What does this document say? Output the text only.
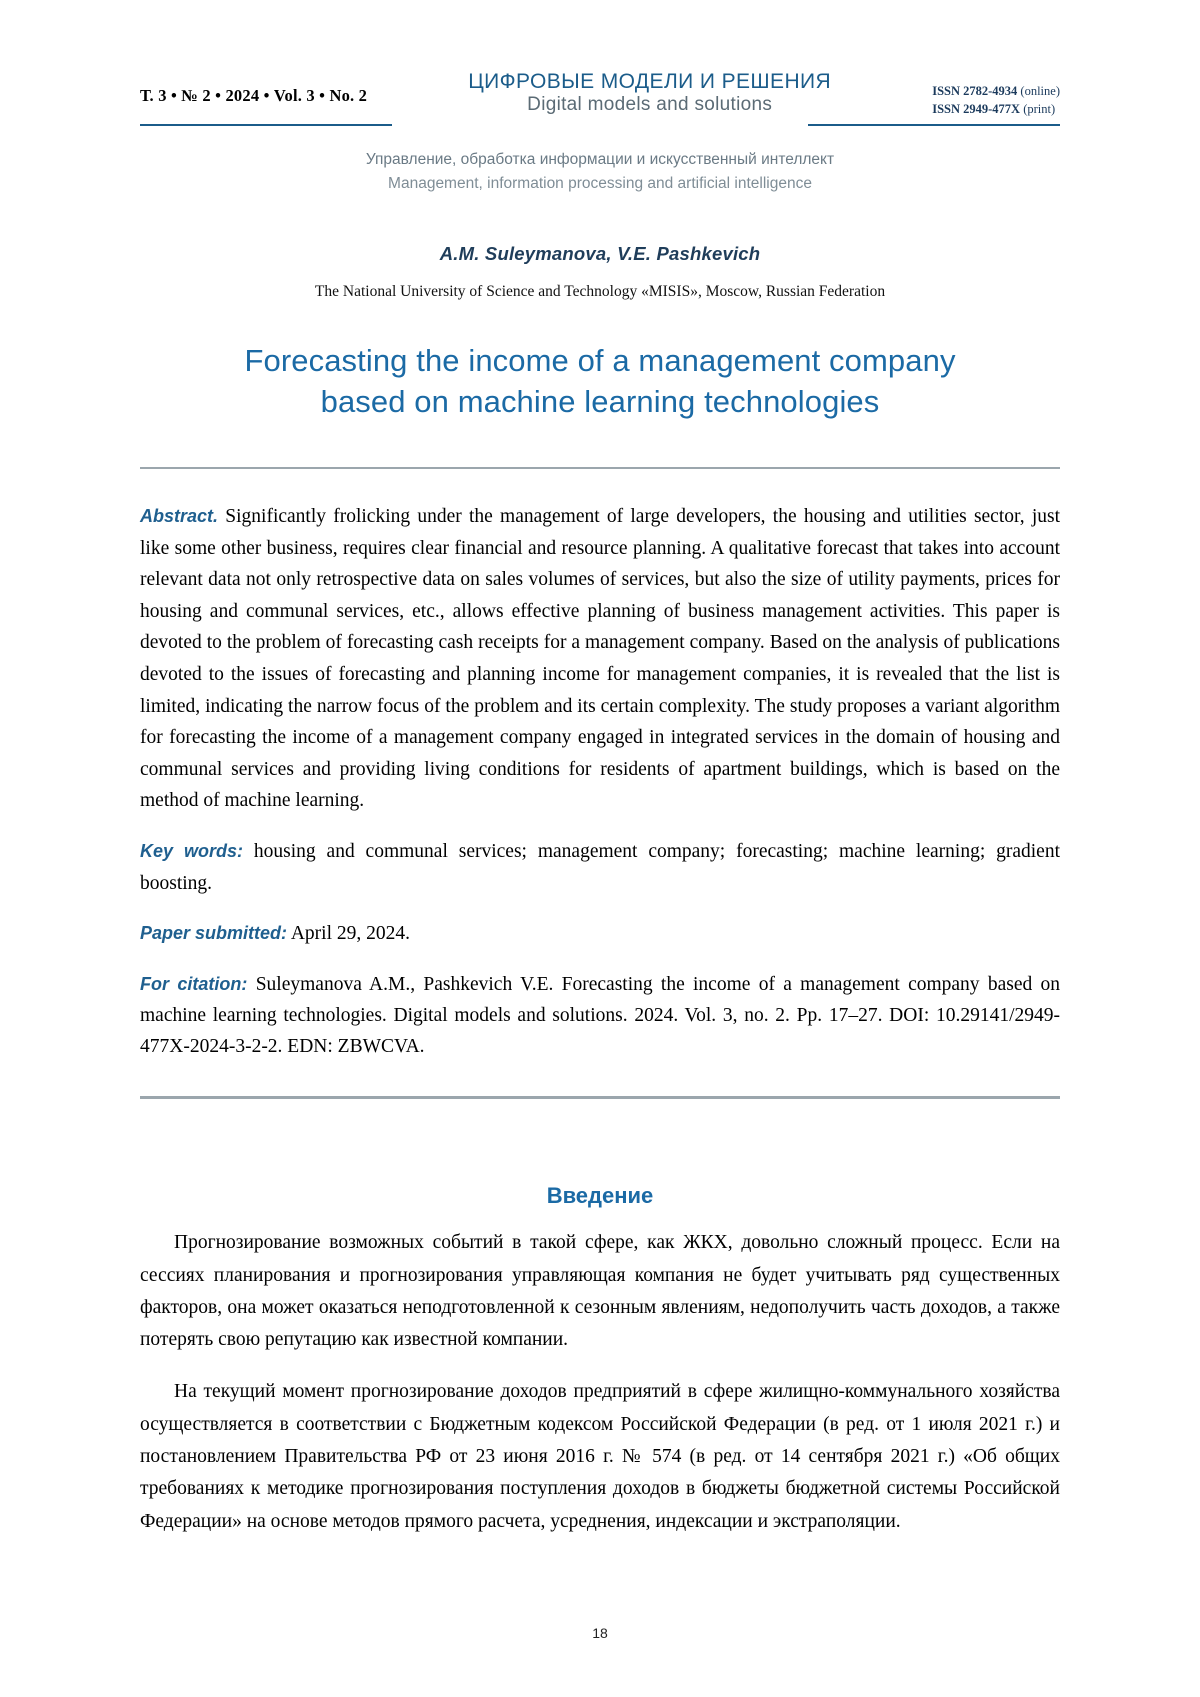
Т. 3 • № 2 • 2024 • Vol. 3 • No. 2
ЦИФРОВЫЕ МОДЕЛИ И РЕШЕНИЯ
Digital models and solutions
ISSN 2782-4934 (online)
ISSN 2949-477X (print)
Управление, обработка информации и искусственный интеллект
Management, information processing and artificial intelligence
A.M. Suleymanova, V.E. Pashkevich
The National University of Science and Technology «MISIS», Moscow, Russian Federation
Forecasting the income of a management company
based on machine learning technologies

Abstract. Significantly frolicking under the management of large developers, the housing and utilities sector, just like some other business, requires clear financial and resource planning. A qualitative forecast that takes into account relevant data not only retrospective data on sales volumes of services, but also the size of utility payments, prices for housing and communal services, etc., allows effective planning of business management activities. This paper is devoted to the problem of forecasting cash receipts for a management company. Based on the analysis of publications devoted to the issues of forecasting and planning income for management companies, it is revealed that the list is limited, indicating the narrow focus of the problem and its certain complexity. The study proposes a variant algorithm for forecasting the income of a management company engaged in integrated services in the domain of housing and communal services and providing living conditions for residents of apartment buildings, which is based on the method of machine learning.

Key words: housing and communal services; management company; forecasting; machine learning; gradient boosting.

Paper submitted: April 29, 2024.

For citation: Suleymanova A.M., Pashkevich V.E. Forecasting the income of a management company based on machine learning technologies. Digital models and solutions. 2024. Vol. 3, no. 2. Pp. 17–27. DOI: 10.29141/2949-477X-2024-3-2-2. EDN: ZBWCVA.

Введение

Прогнозирование возможных событий в такой сфере, как ЖКХ, довольно сложный процесс. Если на сессиях планирования и прогнозирования управляющая компания не будет учитывать ряд существенных факторов, она может оказаться неподготовленной к сезонным явлениям, недополучить часть доходов, а также потерять свою репутацию как известной компании.

На текущий момент прогнозирование доходов предприятий в сфере жилищно-коммунального хозяйства осуществляется в соответствии с Бюджетным кодексом Российской Федерации (в ред. от 1 июля 2021 г.) и постановлением Правительства РФ от 23 июня 2016 г. № 574 (в ред. от 14 сентября 2021 г.) «Об общих требованиях к методике прогнозирования поступления доходов в бюджеты бюджетной системы Российской Федерации» на основе методов прямого расчета, усреднения, индексации и экстраполяции.

18
